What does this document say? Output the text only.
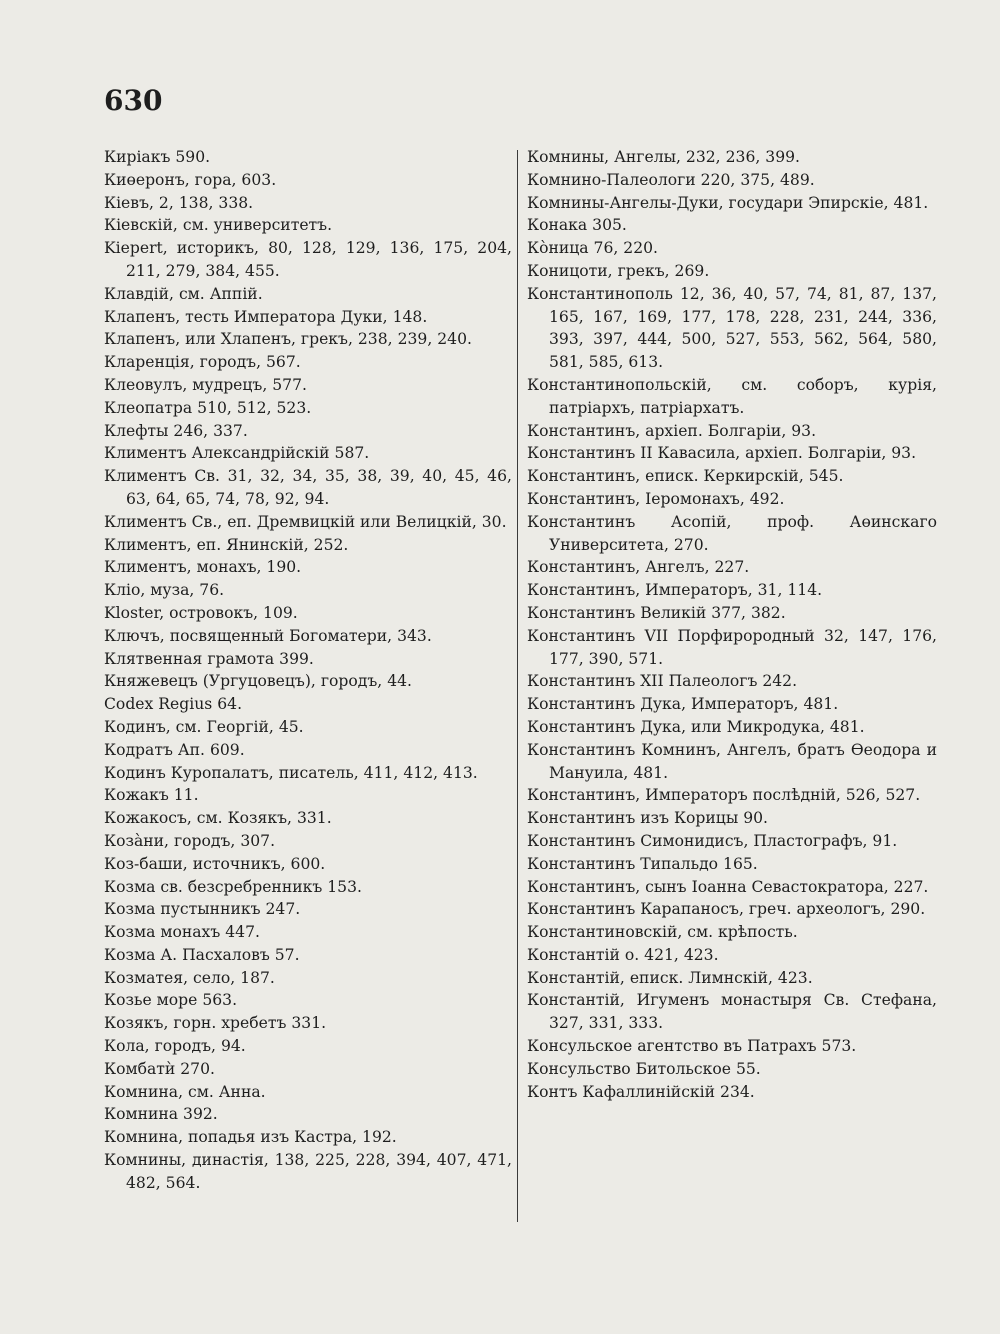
630
Киріакъ 590.
Киөеронъ, гора, 603.
Кіевъ, 2, 138, 338.
Кіевскій, см. университетъ.
Kiepert, историкъ, 80, 128, 129, 136, 175, 204, 211, 279, 384, 455.
Клавдій, см. Аппій.
Клапенъ, тесть Императора Дуки, 148.
Клапенъ, или Хлапенъ, грекъ, 238, 239, 240.
Кларенція, городъ, 567.
Клеовулъ, мудрецъ, 577.
Клеопатра 510, 512, 523.
Клефты 246, 337.
Климентъ Александрійскій 587.
Климентъ Св. 31, 32, 34, 35, 38, 39, 40, 45, 46, 63, 64, 65, 74, 78, 92, 94.
Климентъ Св., еп. Дремвицкій или Велицкій, 30.
Климентъ, еп. Янинскій, 252.
Климентъ, монахъ, 190.
Кліо, муза, 76.
Kloster, островокъ, 109.
Ключъ, посвященный Богоматери, 343.
Клятвенная грамота 399.
Княжевецъ (Ургуцовецъ), городъ, 44.
Codex Regius 64.
Кодинъ, см. Георгій, 45.
Кодратъ Ап. 609.
Кодинъ Куропалатъ, писатель, 411, 412, 413.
Кожакъ 11.
Кожакосъ, см. Козякъ, 331.
Козàни, городъ, 307.
Коз-баши, источникъ, 600.
Козма св. безсребренникъ 153.
Козма пустынникъ 247.
Козма монахъ 447.
Козма А. Пасхаловъ 57.
Козматея, село, 187.
Козье море 563.
Козякъ, горн. хребетъ 331.
Кола, городъ, 94.
Комбатѝ 270.
Комнина, см. Анна.
Комнина 392.
Комнина, попадья изъ Кастра, 192.
Комнины, династія, 138, 225, 228, 394, 407, 471, 482, 564.
Комнины, Ангелы, 232, 236, 399.
Комнино-Палеологи 220, 375, 489.
Комнины-Ангелы-Дуки, государи Эпирскіе, 481.
Конака 305.
Кòница 76, 220.
Коницоти, грекъ, 269.
Константинополь 12, 36, 40, 57, 74, 81, 87, 137, 165, 167, 169, 177, 178, 228, 231, 244, 336, 393, 397, 444, 500, 527, 553, 562, 564, 580, 581, 585, 613.
Константинопольскій, см. соборъ, курія, патріархъ, патріархатъ.
Константинъ, архіеп. Болгаріи, 93.
Константинъ II Кавасила, архіеп. Болгаріи, 93.
Константинъ, еписк. Керкирскій, 545.
Константинъ, Іеромонахъ, 492.
Константинъ Асопій, проф. Аөинскаго Университета, 270.
Константинъ, Ангелъ, 227.
Константинъ, Императоръ, 31, 114.
Константинъ Великій 377, 382.
Константинъ VII Порфирородный 32, 147, 176, 177, 390, 571.
Константинъ XII Палеологъ 242.
Константинъ Дука, Императоръ, 481.
Константинъ Дука, или Микродука, 481.
Константинъ Комнинъ, Ангелъ, братъ Өеодора и Мануила, 481.
Константинъ, Императоръ послѣдній, 526, 527.
Константинъ изъ Корицы 90.
Константинъ Симонидисъ, Пластографъ, 91.
Константинъ Типальдо 165.
Константинъ, сынъ Іоанна Севастократора, 227.
Константинъ Карапаносъ, греч. археологъ, 290.
Константиновскій, см. крѣпость.
Константій о. 421, 423.
Константій, еписк. Лимнскій, 423.
Константій, Игуменъ монастыря Св. Стефана, 327, 331, 333.
Консульское агентство въ Патрахъ 573.
Консульство Битольское 55.
Контъ Кафаллинійскій 234.
